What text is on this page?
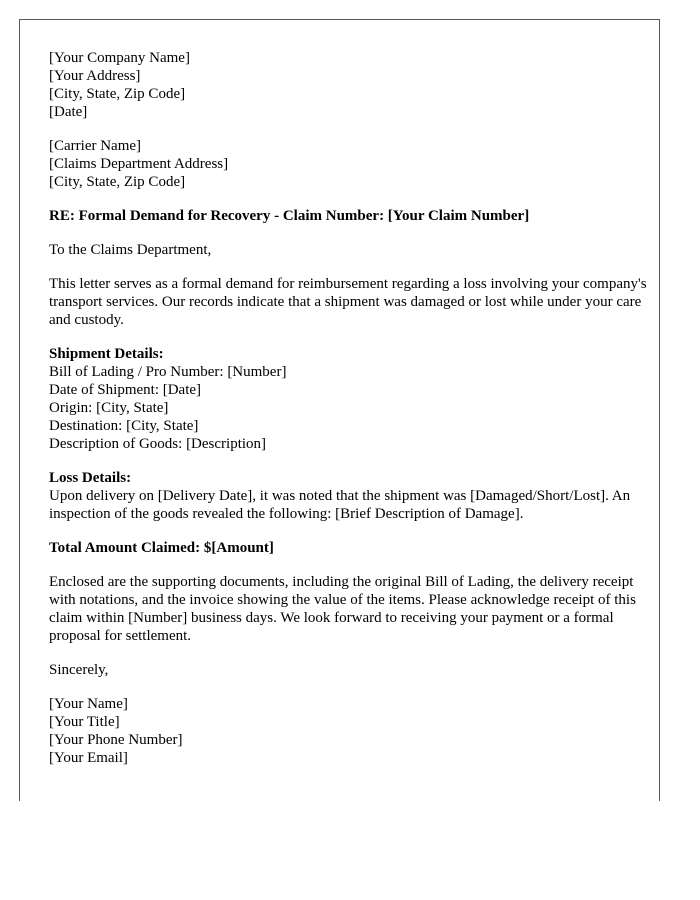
[Your Company Name]
[Your Address]
[City, State, Zip Code]
[Date]
[Carrier Name]
[Claims Department Address]
[City, State, Zip Code]
RE: Formal Demand for Recovery - Claim Number: [Your Claim Number]
To the Claims Department,
This letter serves as a formal demand for reimbursement regarding a loss involving your company's transport services. Our records indicate that a shipment was damaged or lost while under your care and custody.
Shipment Details:
Bill of Lading / Pro Number: [Number]
Date of Shipment: [Date]
Origin: [City, State]
Destination: [City, State]
Description of Goods: [Description]
Loss Details:
Upon delivery on [Delivery Date], it was noted that the shipment was [Damaged/Short/Lost]. An inspection of the goods revealed the following: [Brief Description of Damage].
Total Amount Claimed: $[Amount]
Enclosed are the supporting documents, including the original Bill of Lading, the delivery receipt with notations, and the invoice showing the value of the items. Please acknowledge receipt of this claim within [Number] business days. We look forward to receiving your payment or a formal proposal for settlement.
Sincerely,
[Your Name]
[Your Title]
[Your Phone Number]
[Your Email]
